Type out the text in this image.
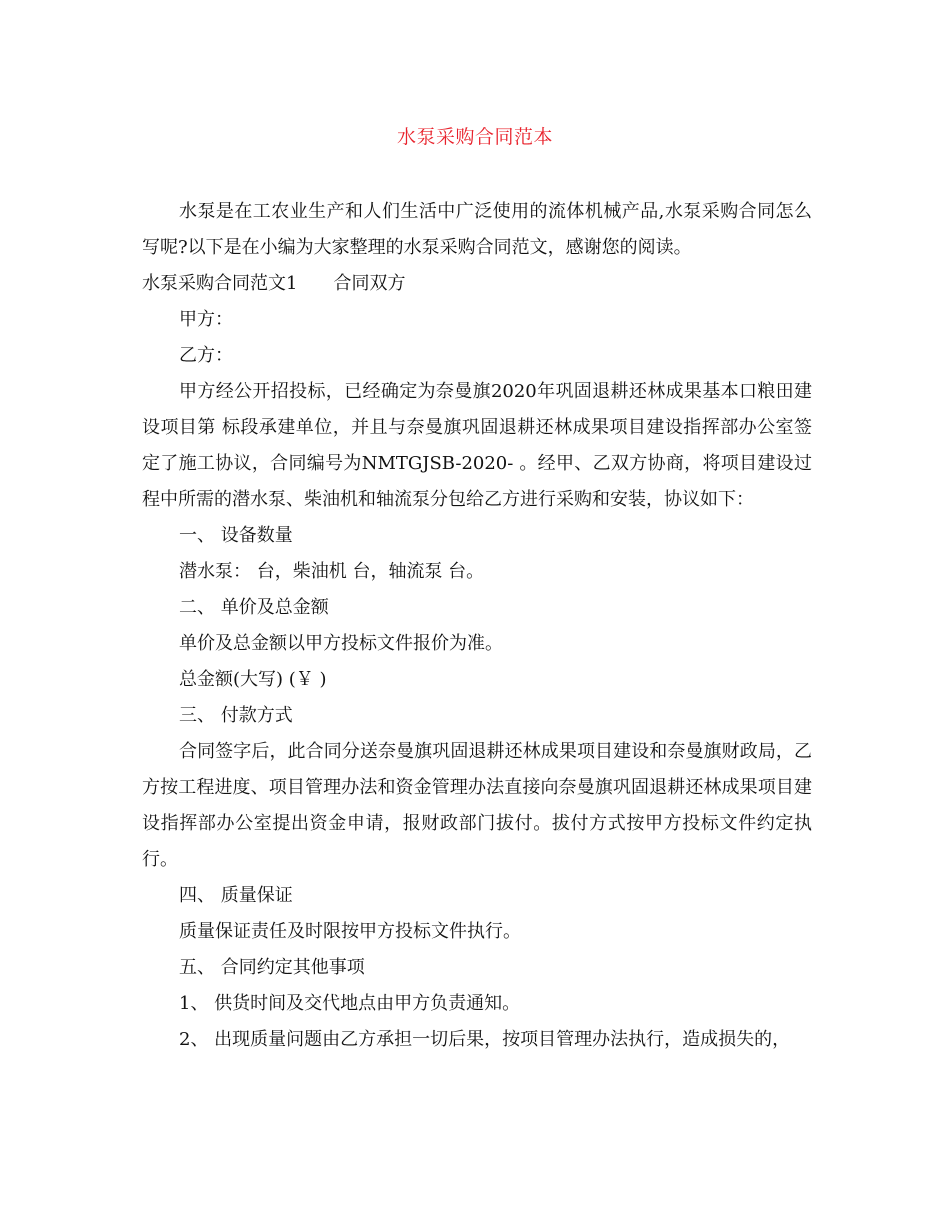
水泵采购合同范本

水泵是在工农业生产和人们生活中广泛使用的流体机械产品,水泵采购合同怎么写呢?以下是在小编为大家整理的水泵采购合同范文，感谢您的阅读。

水泵采购合同范文1　　合同双方

甲方：

乙方：

甲方经公开招投标，已经确定为奈曼旗2020年巩固退耕还林成果基本口粮田建设项目第 标段承建单位，并且与奈曼旗巩固退耕还林成果项目建设指挥部办公室签定了施工协议，合同编号为NMTGJSB-2020- 。经甲、乙双方协商，将项目建设过程中所需的潜水泵、柴油机和轴流泵分包给乙方进行采购和安装，协议如下：

一、 设备数量

潜水泵： 台，柴油机 台，轴流泵 台。

二、 单价及总金额

单价及总金额以甲方投标文件报价为准。

总金额(大写) (￥ )

三、 付款方式

合同签字后，此合同分送奈曼旗巩固退耕还林成果项目建设和奈曼旗财政局，乙方按工程进度、项目管理办法和资金管理办法直接向奈曼旗巩固退耕还林成果项目建设指挥部办公室提出资金申请，报财政部门拔付。拔付方式按甲方投标文件约定执行。

四、 质量保证

质量保证责任及时限按甲方投标文件执行。

五、 合同约定其他事项

1、 供货时间及交代地点由甲方负责通知。

2、 出现质量问题由乙方承担一切后果，按项目管理办法执行，造成损失的，
